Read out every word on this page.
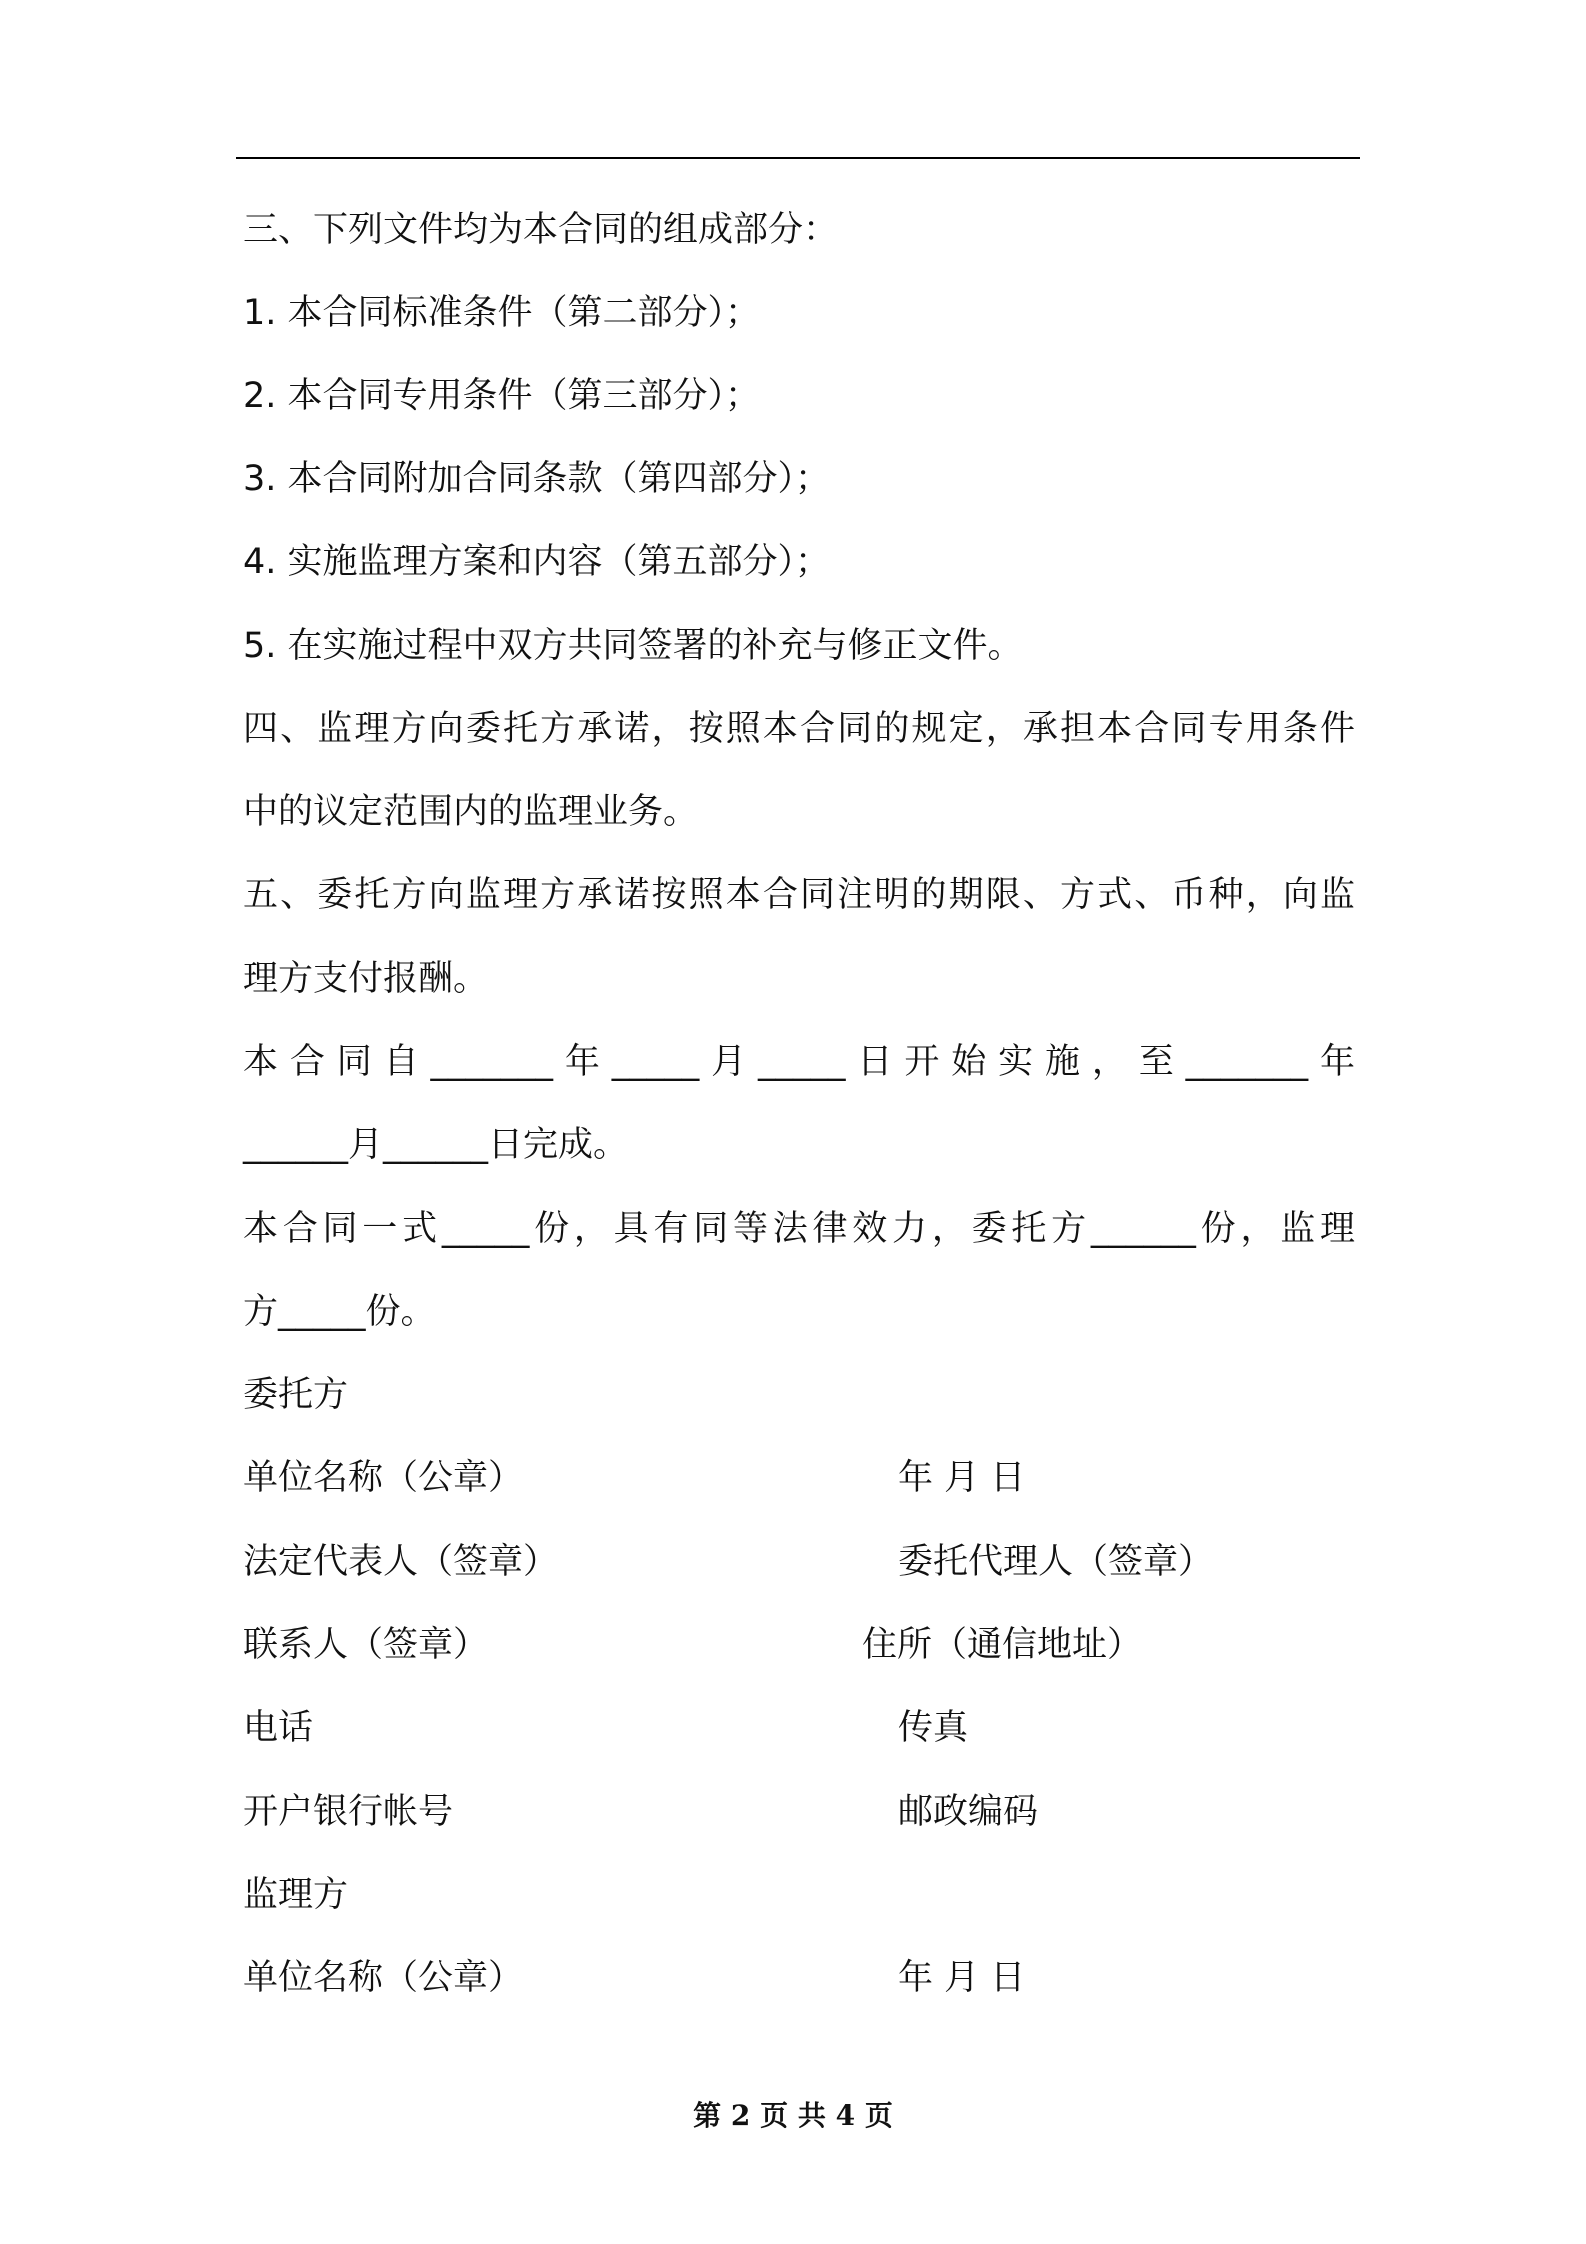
三、下列文件均为本合同的组成部分：
1. 本合同标准条件（第二部分）；
2. 本合同专用条件（第三部分）；
3. 本合同附加合同条款（第四部分）；
4. 实施监理方案和内容（第五部分）；
5. 在实施过程中双方共同签署的补充与修正文件。
四、监理方向委托方承诺，按照本合同的规定，承担本合同专用条件
中的议定范围内的监理业务。
五、委托方向监理方承诺按照本合同注明的期限、方式、币种，向监
理方支付报酬。
本合同自_______年_____月_____日开始实施，至_______年
______月______日完成。
本合同一式_____份，具有同等法律效力，委托方______份，监理
方_____份。
委托方
单位名称（公章）	年 月 日
法定代表人（签章）	委托代理人（签章）
联系人（签章）	住所（通信地址）
电话	传真
开户银行帐号	邮政编码
监理方
单位名称（公章）	年 月 日
第 2 页 共 4 页
